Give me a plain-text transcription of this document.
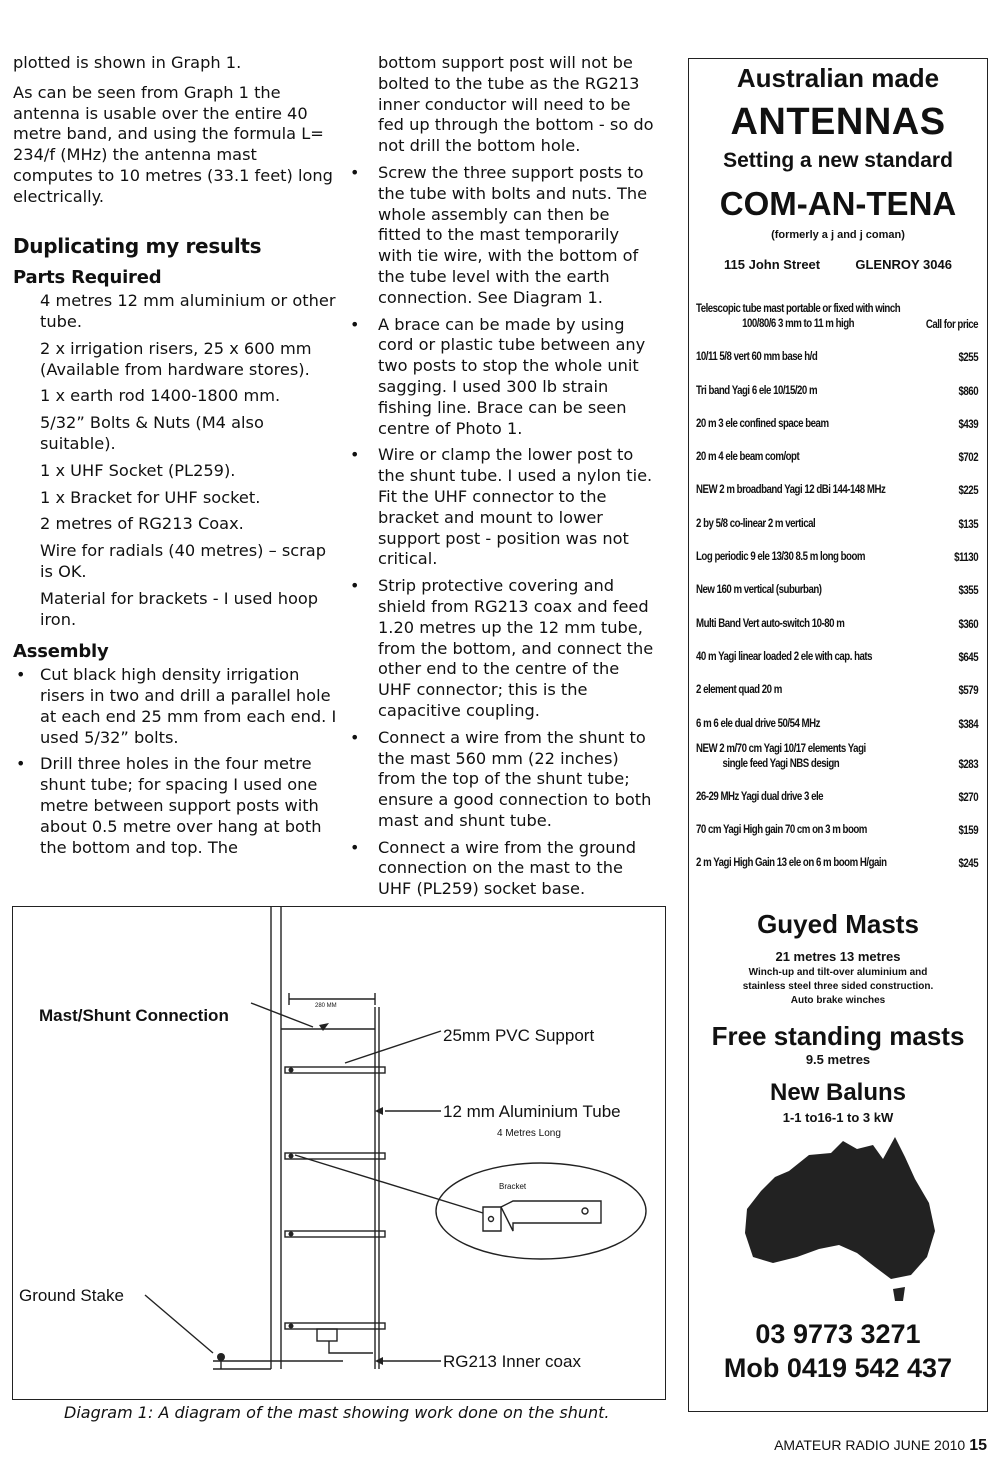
plotted is shown in Graph 1.

As can be seen from Graph 1 the antenna is usable over the entire 40 metre band, and using the formula L= 234/f (MHz) the antenna mast computes to 10 metres (33.1 feet) long electrically.

Duplicating my results
Parts Required

4 metres 12 mm aluminium or other tube.

2 x irrigation risers, 25 x 600 mm (Available from hardware stores).

1 x earth rod 1400-1800 mm.

5/32” Bolts & Nuts (M4 also suitable).

1 x UHF Socket (PL259).

1 x Bracket for UHF socket.

2 metres of RG213 Coax.

Wire for radials (40 metres) – scrap is OK.

Material for brackets - I used hoop iron.

Assembly
• Cut black high density irrigation risers in two and drill a parallel hole at each end 25 mm from each end. I used 5/32” bolts.
• Drill three holes in the four metre shunt tube; for spacing I used one metre between support posts with about 0.5 metre over hang at both the bottom and top. The
bottom support post will not be bolted to the tube as the RG213 inner conductor will need to be fed up through the bottom - so do not drill the bottom hole.
• Screw the three support posts to the tube with bolts and nuts. The whole assembly can then be fitted to the mast temporarily with tie wire, with the bottom of the tube level with the earth connection. See Diagram 1.
• A brace can be made by using cord or plastic tube between any two posts to stop the whole unit sagging. I used 300 lb strain fishing line. Brace can be seen centre of Photo 1.
• Wire or clamp the lower post to the shunt tube. I used a nylon tie. Fit the UHF connector to the bracket and mount to lower support post - position was not critical.
• Strip protective covering and shield from RG213 coax and feed 1.20 metres up the 12 mm tube, from the bottom, and connect the other end to the centre of the UHF connector; this is the capacitive coupling.
• Connect a wire from the shunt to the mast 560 mm (22 inches) from the top of the shunt tube; ensure a good connection to both mast and shunt tube.
• Connect a wire from the ground connection on the mast to the UHF (PL259) socket base.
Mast/Shunt Connection
25mm PVC Support
12 mm Aluminium Tube
4 Metres Long
Bracket
Ground Stake
RG213 Inner coax
280 MM
Diagram 1: A diagram of the mast showing work done on the shunt.
Australian made
ANTENNAS
Setting a new standard
COM-AN-TENA
(formerly a j and j coman)
115 John Street	GLENROY 3046
Telescopic tube mast portable or fixed with winch
100/80/6 3 mm to 11 m high	Call for price
10/11 5/8 vert 60 mm base h/d	$255
Tri band Yagi 6 ele 10/15/20 m	$860
20 m 3 ele confined space beam	$439
20 m 4 ele beam com/opt	$702
NEW 2 m broadband Yagi 12 dBi 144-148 MHz	$225
2 by 5/8 co-linear 2 m vertical	$135
Log periodic 9 ele 13/30 8.5 m long boom	$1130
New 160 m vertical (suburban)	$355
Multi Band Vert auto-switch 10-80 m	$360
40 m Yagi linear loaded 2 ele with cap. hats	$645
2 element quad 20 m	$579
6 m 6 ele dual drive 50/54 MHz	$384
NEW 2 m/70 cm Yagi 10/17 elements Yagi
single feed Yagi NBS design	$283
26-29 MHz Yagi dual drive 3 ele	$270
70 cm Yagi High gain 70 cm on 3 m boom	$159
2 m Yagi High Gain 13 ele on 6 m boom H/gain	$245
Guyed Masts
21 metres 13 metres
Winch-up and tilt-over aluminium and
stainless steel three sided construction.
Auto brake winches
Free standing masts
9.5 metres
New Baluns
1-1 to16-1 to 3 kW
03 9773 3271
Mob 0419 542 437
AMATEUR RADIO JUNE 2010 15
